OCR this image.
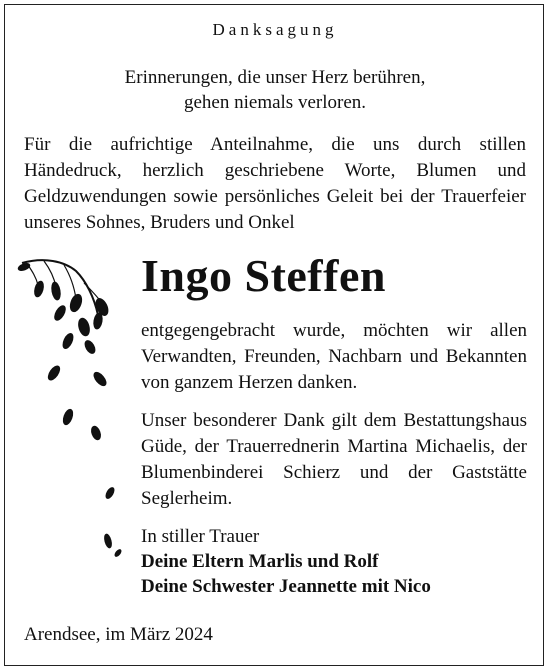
Danksagung
Erinnerungen, die unser Herz berühren,
gehen niemals verloren.
Für die aufrichtige Anteilnahme, die uns durch stillen Händedruck, herzlich geschriebene Worte, Blumen und Geldzuwendungen sowie persönliches Geleit bei der Trauerfeier unseres Sohnes, Bruders und Onkel
Ingo Steffen
entgegengebracht wurde, möchten wir allen Verwandten, Freunden, Nachbarn und Bekannten von ganzem Herzen danken.
Unser besonderer Dank gilt dem Bestattungshaus Güde, der Trauerrednerin Martina Michaelis, der Blumenbinderei Schierz und der Gaststätte Seglerheim.
In stiller Trauer
Deine Eltern Marlis und Rolf
Deine Schwester Jeannette mit Nico
Arendsee, im März 2024
